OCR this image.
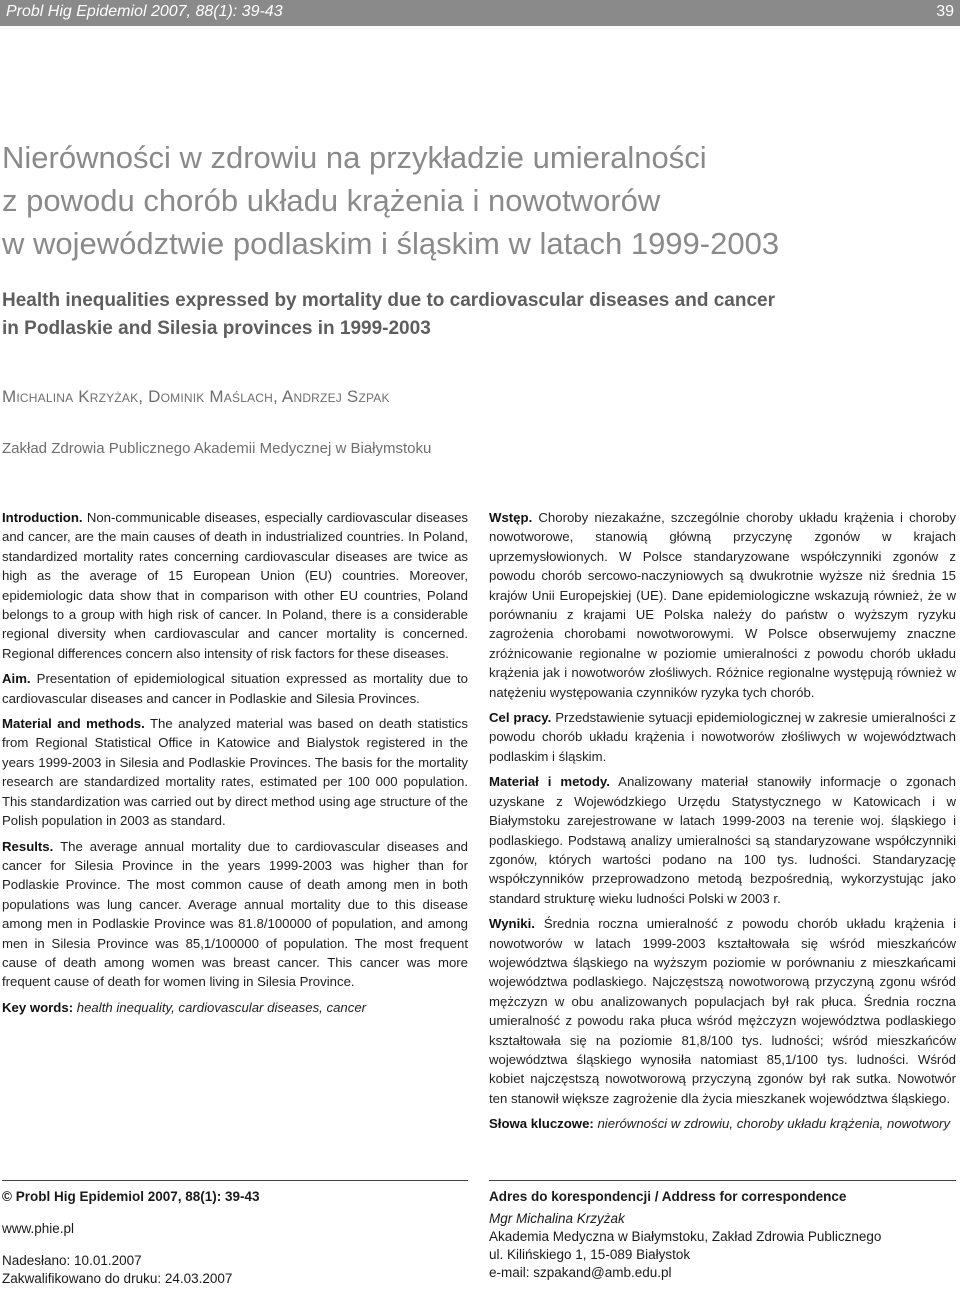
Probl Hig Epidemiol 2007, 88(1): 39-43	39
Nierówności w zdrowiu na przykładzie umieralności
z powodu chorób układu krążenia i nowotworów
w województwie podlaskim i śląskim w latach 1999-2003
Health inequalities expressed by mortality due to cardiovascular diseases and cancer
in Podlaskie and Silesia provinces in 1999-2003
Michalina Krzyżak, Dominik Maślach, Andrzej Szpak
Zakład Zdrowia Publicznego Akademii Medycznej w Białymstoku

Introduction. Non-communicable diseases, especially cardiovascular diseases and cancer, are the main causes of death in industrialized countries. In Poland, standardized mortality rates concerning cardiovascular diseases are twice as high as the average of 15 European Union (EU) countries. Moreover, epidemiologic data show that in comparison with other EU countries, Poland belongs to a group with high risk of cancer. In Poland, there is a considerable regional diversity when cardiovascular and cancer mortality is concerned. Regional differences concern also intensity of risk factors for these diseases.

Aim. Presentation of epidemiological situation expressed as mortality due to cardiovascular diseases and cancer in Podlaskie and Silesia Provinces.

Material and methods. The analyzed material was based on death statistics from Regional Statistical Office in Katowice and Bialystok registered in the years 1999-2003 in Silesia and Podlaskie Provinces. The basis for the mortality research are standardized mortality rates, estimated per 100 000 population. This standardization was carried out by direct method using age structure of the Polish population in 2003 as standard.

Results. The average annual mortality due to cardiovascular diseases and cancer for Silesia Province in the years 1999-2003 was higher than for Podlaskie Province. The most common cause of death among men in both populations was lung cancer. Average annual mortality due to this disease among men in Podlaskie Province was 81.8/100000 of population, and among men in Silesia Province was 85,1/100000 of population. The most frequent cause of death among women was breast cancer. This cancer was more frequent cause of death for women living in Silesia Province.

Key words: health inequality, cardiovascular diseases, cancer

Wstęp. Choroby niezakaźne, szczególnie choroby układu krążenia i choroby nowotworowe, stanowią główną przyczynę zgonów w krajach uprzemysłowionych. W Polsce standaryzowane współczynniki zgonów z powodu chorób sercowo-naczyniowych są dwukrotnie wyższe niż średnia 15 krajów Unii Europejskiej (UE). Dane epidemiologiczne wskazują również, że w porównaniu z krajami UE Polska należy do państw o wyższym ryzyku zagrożenia chorobami nowotworowymi. W Polsce obserwujemy znaczne zróżnicowanie regionalne w poziomie umieralności z powodu chorób układu krążenia jak i nowotworów złośliwych. Różnice regionalne występują również w natężeniu występowania czynników ryzyka tych chorób.

Cel pracy. Przedstawienie sytuacji epidemiologicznej w zakresie umieralności z powodu chorób układu krążenia i nowotworów złośliwych w województwach podlaskim i śląskim.

Materiał i metody. Analizowany materiał stanowiły informacje o zgonach uzyskane z Wojewódzkiego Urzędu Statystycznego w Katowicach i w Białymstoku zarejestrowane w latach 1999-2003 na terenie woj. śląskiego i podlaskiego. Podstawą analizy umieralności są standaryzowane współczynniki zgonów, których wartości podano na 100 tys. ludności. Standaryzację współczynników przeprowadzono metodą bezpośrednią, wykorzystując jako standard strukturę wieku ludności Polski w 2003 r.

Wyniki. Średnia roczna umieralność z powodu chorób układu krążenia i nowotworów w latach 1999-2003 kształtowała się wśród mieszkańców województwa śląskiego na wyższym poziomie w porównaniu z mieszkańcami województwa podlaskiego. Najczęstszą nowotworową przyczyną zgonu wśród mężczyzn w obu analizowanych populacjach był rak płuca. Średnia roczna umieralność z powodu raka płuca wśród mężczyzn województwa podlaskiego kształtowała się na poziomie 81,8/100 tys. ludności; wśród mieszkańców województwa śląskiego wynosiła natomiast 85,1/100 tys. ludności. Wśród kobiet najczęstszą nowotworową przyczyną zgonów był rak sutka. Nowotwór ten stanowił większe zagrożenie dla życia mieszkanek województwa śląskiego.

Słowa kluczowe: nierówności w zdrowiu, choroby układu krążenia, nowotwory

© Probl Hig Epidemiol 2007, 88(1): 39-43
www.phie.pl
Nadesłano: 10.01.2007
Zakwalifikowano do druku: 24.03.2007
Adres do korespondencji / Address for correspondence
Mgr Michalina Krzyżak
Akademia Medyczna w Białymstoku, Zakład Zdrowia Publicznego
ul. Kilińskiego 1, 15-089 Białystok
e-mail: szpakand@amb.edu.pl
